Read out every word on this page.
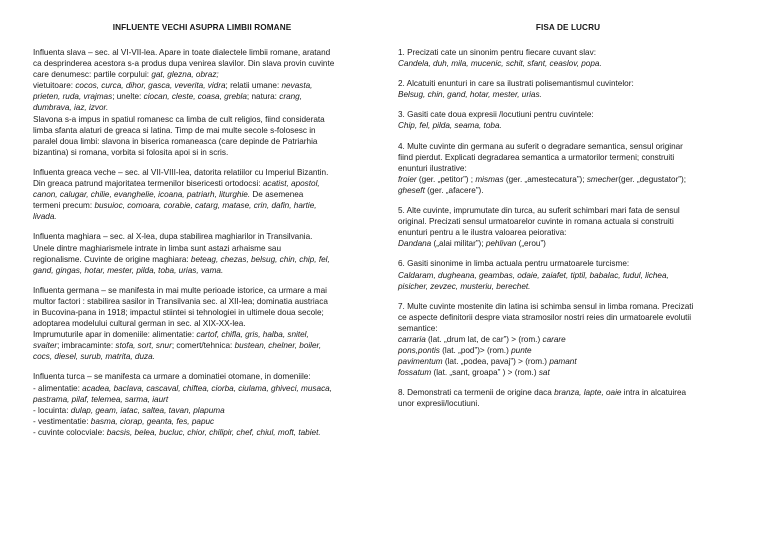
INFLUENTE VECHI ASUPRA LIMBII ROMANE

Influenta slava – sec. al VI-VII-lea. Apare in toate dialectele limbii romane, aratand

ca desprinderea acestora s-a produs dupa venirea slavilor. Din slava provin cuvinte

care denumesc: partile corpului: gat, glezna, obraz;

vietuitoare: cocos, curca, dihor, gasca, veverita, vidra; relatii umane: nevasta,

prieten, ruda, vrajmas; unelte: ciocan, cleste, coasa, grebla; natura: crang,

dumbrava, iaz, izvor.

Slavona s-a impus in spatiul romanesc ca limba de cult religios, fiind considerata

limba sfanta alaturi de greaca si latina. Timp de mai multe secole s-folosesc in

paralel doua limbi: slavona in biserica romaneasca (care depinde de Patriarhia

bizantina) si romana, vorbita si folosita apoi si in scris.

Influenta greaca veche – sec. al VII-VIII-lea, datorita relatiilor cu Imperiul Bizantin.

Din greaca patrund majoritatea termenilor bisericesti ortodocsi: acatist, apostol,

canon, calugar, chilie, evanghelie, icoana, patriarh, liturghie. De asemenea

termeni precum: busuioc, comoara, corabie, catarg, matase, crin, dafin, hartie,

livada.

Influenta maghiara – sec. al X-lea, dupa stabilirea maghiarilor in Transilvania.

Unele dintre maghiarismele intrate in limba sunt astazi arhaisme sau

regionalisme. Cuvinte de origine maghiara: beteag, chezas, belsug, chin, chip, fel,

gand, gingas, hotar, mester, pilda, toba, urias, vama.

Influenta germana – se manifesta in mai multe perioade istorice, ca urmare a mai

multor factori : stabilirea sasilor in Transilvania sec. al XII-lea; dominatia austriaca

in Bucovina-pana in 1918; impactul stiintei si tehnologiei in ultimele doua secole;

adoptarea modelului cultural german in sec. al XIX-XX-lea.

Imprumuturile apar in domeniile: alimentatie: cartof, chifla, gris, halba, snitel,

svaiter; imbracaminte: stofa, sort, snur; comert/tehnica: bustean, chelner, boiler,

cocs, diesel, surub, matrita, duza.

Influenta turca – se manifesta ca urmare a dominatiei otomane, in domeniile:

- alimentatie: acadea, baclava, cascaval, chiftea, ciorba, ciulama, ghiveci, musaca,

pastrama, pilaf, telemea, sarma, iaurt

- locuinta: dulap, geam, iatac, saltea, tavan, plapuma

- vestimentatie: basma, ciorap, geanta, fes, papuc

- cuvinte colocviale: bacsis, belea, bucluc, chior, chilipir, chef, chiul, moft, tabiet.

FISA DE LUCRU

1. Precizati cate un sinonim pentru fiecare cuvant slav:

Candela, duh, mila, mucenic, schit, sfant, ceaslov, popa.

2. Alcatuiti enunturi in care sa ilustrati polisemantismul cuvintelor:

Belsug, chin, gand, hotar, mester, urias.

3. Gasiti cate doua expresii /locutiuni pentru cuvintele:

Chip, fel, pilda, seama, toba.

4. Multe cuvinte din germana au suferit o degradare semantica, sensul originar

fiind pierdut. Explicati degradarea semantica a urmatorilor termeni; construiti

enunturi ilustrative:

froier (ger. „petitor”) ; mismas (ger. „amestecatura”); smecher(ger. „degustator”);

gheseft (ger. „afacere”).

5. Alte cuvinte, imprumutate din turca, au suferit schimbari mari fata de sensul

original. Precizati sensul urmatoarelor cuvinte in romana actuala si construiti

enunturi pentru a le ilustra valoarea peiorativa:

Dandana („alai militar”); pehlivan („erou”)

6. Gasiti sinonime in limba actuala pentru urmatoarele turcisme:

Caldaram, dugheana, geambas, odaie, zaiafet, tiptil, babalac, fudul, lichea,

pisicher, zevzec, musteriu, berechet.

7. Multe cuvinte mostenite din latina isi schimba sensul in limba romana. Precizati

ce aspecte definitorii despre viata stramosilor nostri reies din urmatoarele evolutii

semantice:

carraria (lat. „drum lat, de car”) > (rom.) carare

pons,pontis (lat. „pod”)> (rom.) punte

pavimentum (lat. „podea, pavaj”) > (rom.) pamant

fossatum (lat. „sant, groapa” ) > (rom.) sat

8. Demonstrati ca termenii de origine daca branza, lapte, oaie intra in alcatuirea

unor expresii/locutiuni.
